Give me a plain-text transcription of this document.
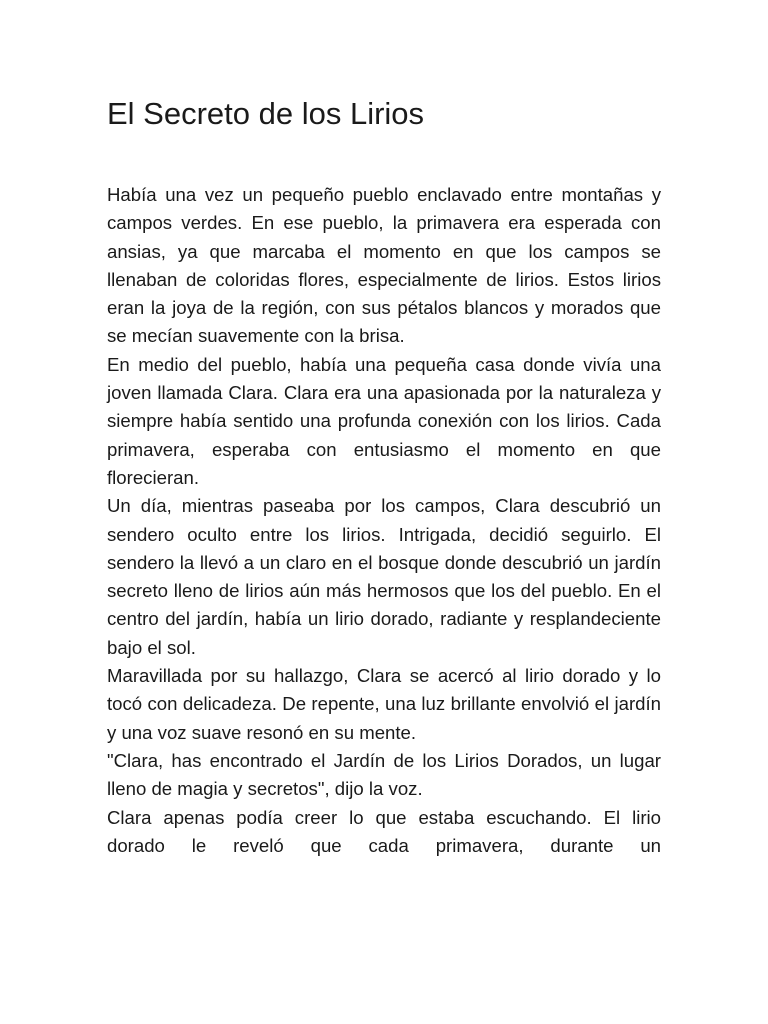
El Secreto de los Lirios

Había una vez un pequeño pueblo enclavado entre montañas y campos verdes. En ese pueblo, la primavera era esperada con ansias, ya que marcaba el momento en que los campos se llenaban de coloridas flores, especialmente de lirios. Estos lirios eran la joya de la región, con sus pétalos blancos y morados que se mecían suavemente con la brisa.

En medio del pueblo, había una pequeña casa donde vivía una joven llamada Clara. Clara era una apasionada por la naturaleza y siempre había sentido una profunda conexión con los lirios. Cada primavera, esperaba con entusiasmo el momento en que florecieran.

Un día, mientras paseaba por los campos, Clara descubrió un sendero oculto entre los lirios. Intrigada, decidió seguirlo. El sendero la llevó a un claro en el bosque donde descubrió un jardín secreto lleno de lirios aún más hermosos que los del pueblo. En el centro del jardín, había un lirio dorado, radiante y resplandeciente bajo el sol.

Maravillada por su hallazgo, Clara se acercó al lirio dorado y lo tocó con delicadeza. De repente, una luz brillante envolvió el jardín y una voz suave resonó en su mente.

"Clara, has encontrado el Jardín de los Lirios Dorados, un lugar lleno de magia y secretos", dijo la voz.

Clara apenas podía creer lo que estaba escuchando. El lirio dorado le reveló que cada primavera, durante un
